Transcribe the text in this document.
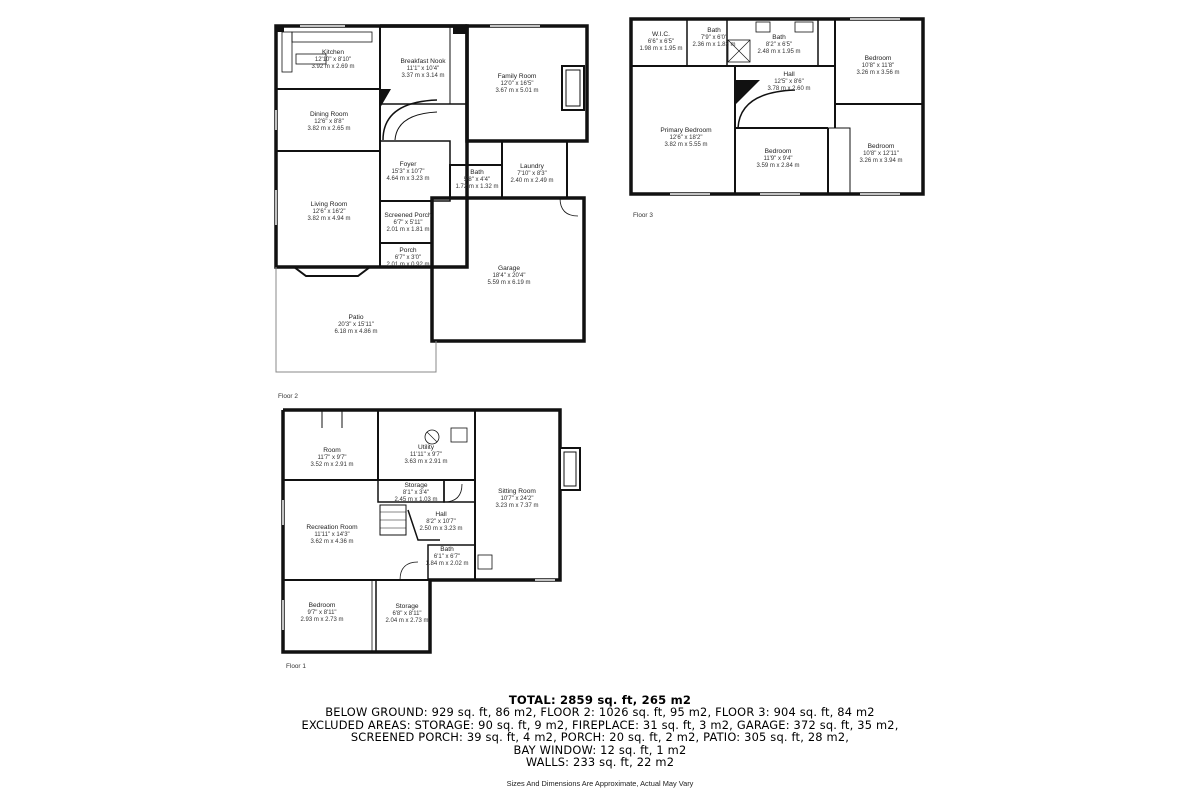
Kitchen
12'10" x 8'10"
3.92 m x 2.69 m
Breakfast Nook
11'1" x 10'4"
3.37 m x 3.14 m	Family Room
12'0" x 16'5"
3.67 m x 5.01 m
Dining Room
12'6" x 8'8"
3.82 m x 2.65 m
Foyer
15'3" x 10'7"
4.64 m x 3.23 m
Bath
5'8" x 4'4"
1.72 m x 1.32 m
Laundry
7'10" x 8'3"
2.40 m x 2.49 m
Living Room
12'6" x 16'2"
3.82 m x 4.94 m	Screened Porch
6'7" x 5'11"
2.01 m x 1.81 m
Porch
6'7" x 3'0"
2.01 m x 0.92 m	Garage
18'4" x 20'4"
5.59 m x 6.19 m
Patio
20'3" x 15'11"
6.18 m x 4.86 m
Floor 2
W.I.C.
6'6" x 6'5"
1.98 m x 1.95 m
Bath
7'9" x 6'0"
2.36 m x 1.83 m
Bath
8'2" x 6'5"
2.48 m x 1.95 m
Bedroom
10'8" x 11'8"
3.26 m x 3.56 m
Hall
12'5" x 8'6"
3.78 m x 2.60 m
Primary Bedroom
12'6" x 18'2"
3.82 m x 5.55 m
Bedroom
11'9" x 9'4"
3.59 m x 2.84 m
Bedroom
10'8" x 12'11"
3.26 m x 3.94 m
Floor 3
Room
11'7" x 9'7"
3.52 m x 2.91 m
Utility
11'11" x 9'7"
3.63 m x 2.91 m
Storage
8'1" x 3'4"
2.45 m x 1.03 m
Sitting Room
10'7" x 24'2"
3.23 m x 7.37 m
Recreation Room
11'11" x 14'3"
3.62 m x 4.36 m
Hall
8'2" x 10'7"
2.50 m x 3.23 m
Bath
6'1" x 6'7"
1.84 m x 2.02 m
Bedroom
9'7" x 8'11"
2.93 m x 2.73 m
Storage
6'8" x 8'11"
2.04 m x 2.73 m
Floor 1
TOTAL: 2859 sq. ft, 265 m2
BELOW GROUND: 929 sq. ft, 86 m2, FLOOR 2: 1026 sq. ft, 95 m2, FLOOR 3: 904 sq. ft, 84 m2
EXCLUDED AREAS: STORAGE: 90 sq. ft, 9 m2, FIREPLACE: 31 sq. ft, 3 m2, GARAGE: 372 sq. ft, 35 m2,
SCREENED PORCH: 39 sq. ft, 4 m2, PORCH: 20 sq. ft, 2 m2, PATIO: 305 sq. ft, 28 m2,
BAY WINDOW: 12 sq. ft, 1 m2
WALLS: 233 sq. ft, 22 m2
Sizes And Dimensions Are Approximate, Actual May Vary
